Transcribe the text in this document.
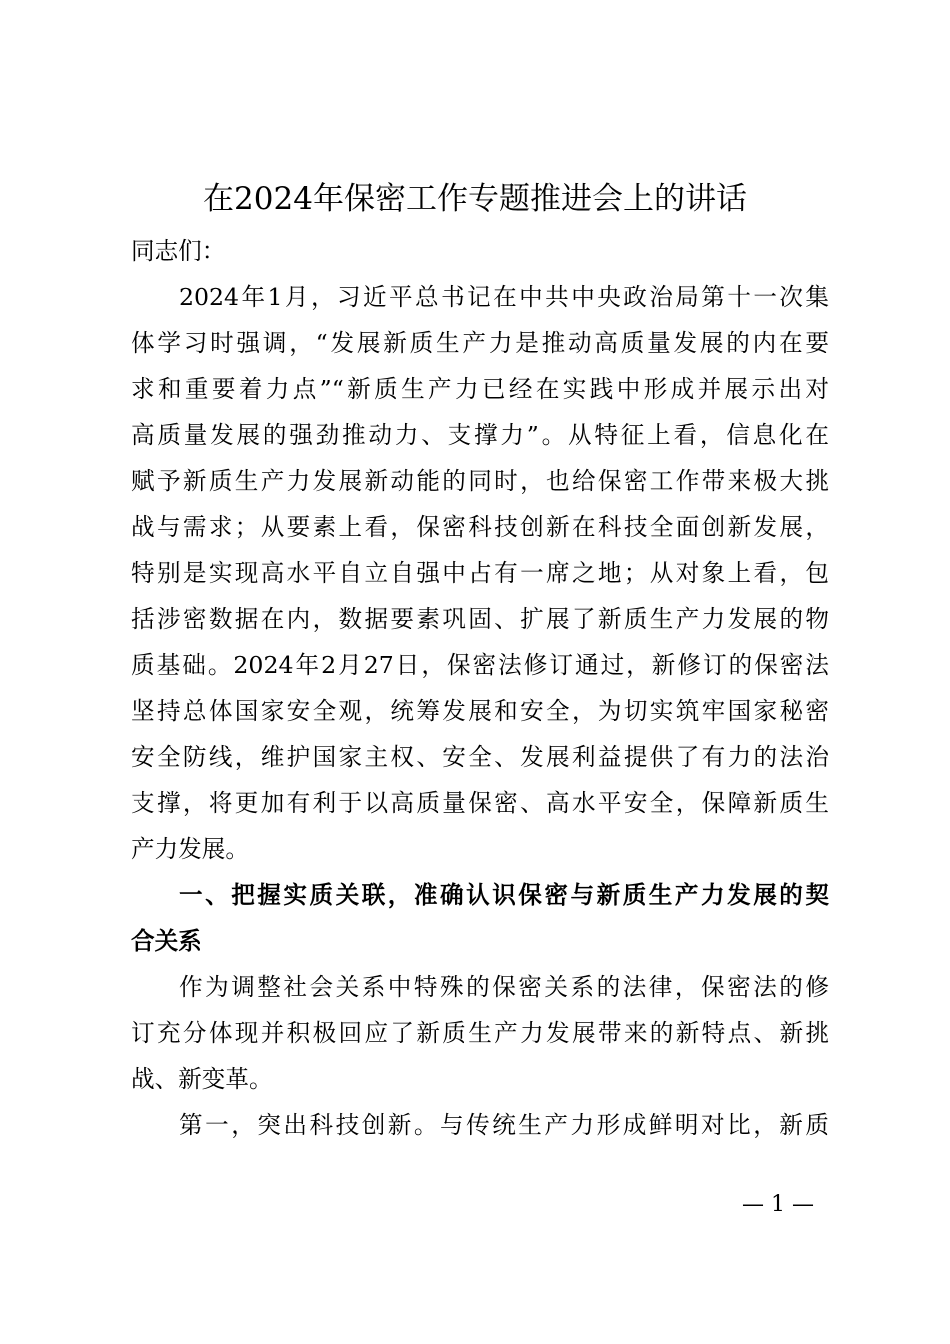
在2024年保密工作专题推进会上的讲话
同志们：
2024年1月，习近平总书记在中共中央政治局第十一次集
体学习时强调，“发展新质生产力是推动高质量发展的内在要
求和重要着力点”“新质生产力已经在实践中形成并展示出对
高质量发展的强劲推动力、支撑力”。从特征上看，信息化在
赋予新质生产力发展新动能的同时，也给保密工作带来极大挑
战与需求；从要素上看，保密科技创新在科技全面创新发展，
特别是实现高水平自立自强中占有一席之地；从对象上看，包
括涉密数据在内，数据要素巩固、扩展了新质生产力发展的物
质基础。2024年2月27日，保密法修订通过，新修订的保密法
坚持总体国家安全观，统筹发展和安全，为切实筑牢国家秘密
安全防线，维护国家主权、安全、发展利益提供了有力的法治
支撑，将更加有利于以高质量保密、高水平安全，保障新质生
产力发展。
一、把握实质关联，准确认识保密与新质生产力发展的契
合关系
作为调整社会关系中特殊的保密关系的法律，保密法的修
订充分体现并积极回应了新质生产力发展带来的新特点、新挑
战、新变革。
第一，突出科技创新。与传统生产力形成鲜明对比，新质
— 1 —
